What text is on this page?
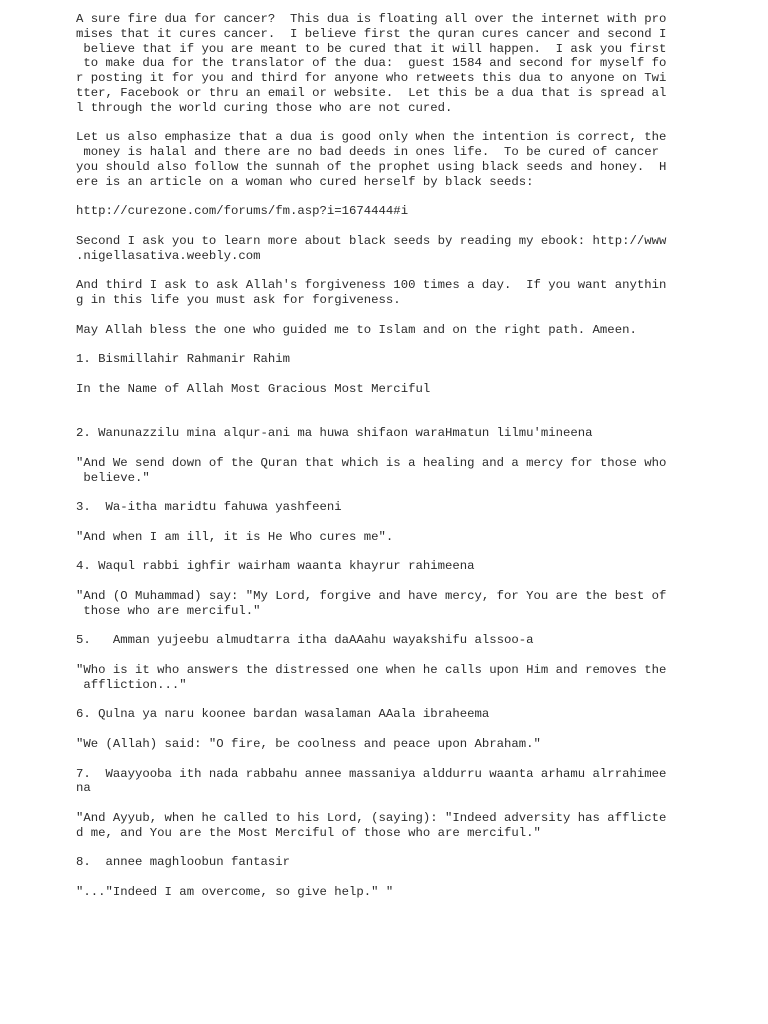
A sure fire dua for cancer?  This dua is floating all over the internet with pro
mises that it cures cancer.  I believe first the quran cures cancer and second I
believe that if you are meant to be cured that it will happen.  I ask you first
to make dua for the translator of the dua:  guest 1584 and second for myself fo
r posting it for you and third for anyone who retweets this dua to anyone on Twi
tter, Facebook or thru an email or website.  Let this be a dua that is spread al
l through the world curing those who are not cured.

Let us also emphasize that a dua is good only when the intention is correct, the
money is halal and there are no bad deeds in ones life.  To be cured of cancer
you should also follow the sunnah of the prophet using black seeds and honey.  H
ere is an article on a woman who cured herself by black seeds:

http://curezone.com/forums/fm.asp?i=1674444#i

Second I ask you to learn more about black seeds by reading my ebook: http://www
.nigellasativa.weebly.com

And third I ask to ask Allah's forgiveness 100 times a day.  If you want anythin
g in this life you must ask for forgiveness.

May Allah bless the one who guided me to Islam and on the right path. Ameen.

1. Bismillahir Rahmanir Rahim

In the Name of Allah Most Gracious Most Merciful

2. Wanunazzilu mina alqur-ani ma huwa shifaon waraHmatun lilmu'mineena

"And We send down of the Quran that which is a healing and a mercy for those who
believe."

3.  Wa-itha maridtu fahuwa yashfeeni

"And when I am ill, it is He Who cures me".

4. Waqul rabbi ighfir wairham waanta khayrur rahimeena

"And (O Muhammad) say: "My Lord, forgive and have mercy, for You are the best of
those who are merciful."

5.   Amman yujeebu almudtarra itha daAAahu wayakshifu alssoo-a

"Who is it who answers the distressed one when he calls upon Him and removes the
affliction..."

6. Qulna ya naru koonee bardan wasalaman AAala ibraheema

"We (Allah) said: "O fire, be coolness and peace upon Abraham."

7.  Waayyooba ith nada rabbahu annee massaniya alddurru waanta arhamu alrrahimee
na

"And Ayyub, when he called to his Lord, (saying): "Indeed adversity has afflicte
d me, and You are the Most Merciful of those who are merciful."

8.  annee maghloobun fantasir

"..."Indeed I am overcome, so give help." "
